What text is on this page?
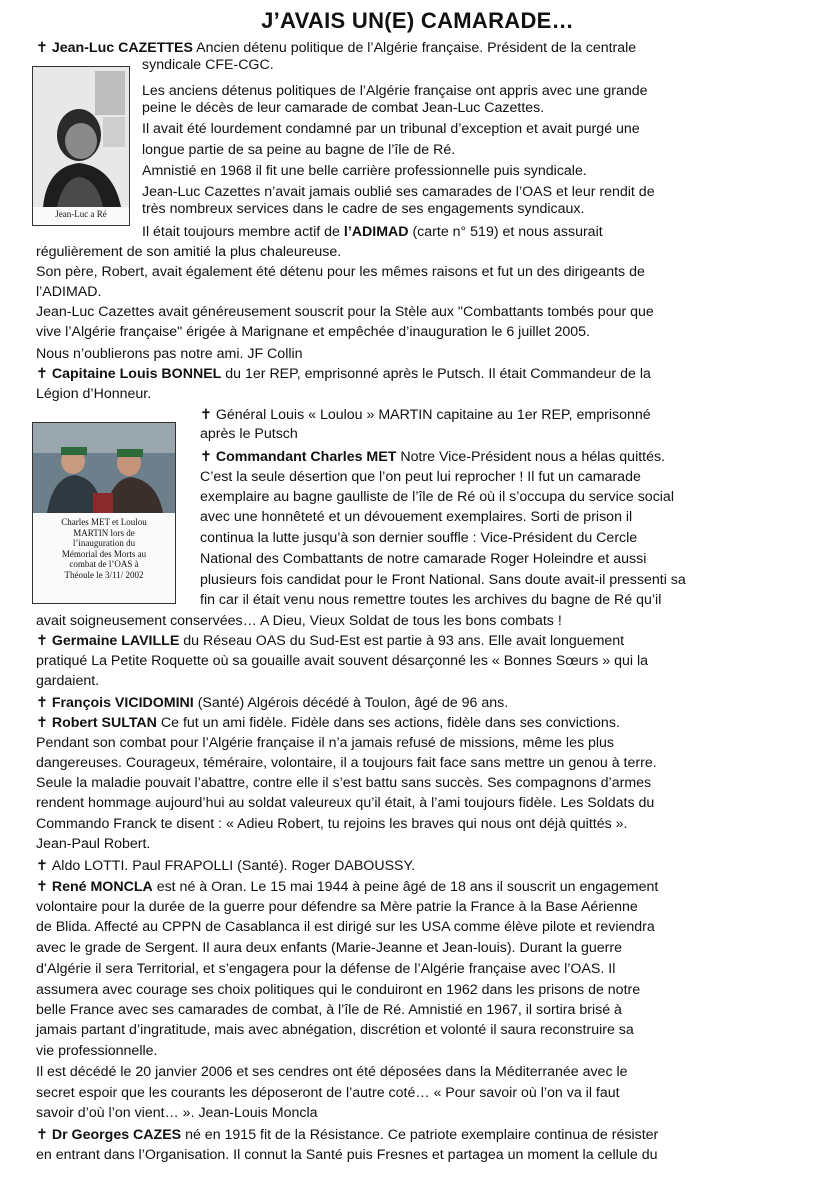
J’AVAIS UN(E) CAMARADE…
Jean-Luc a Ré
Charles MET et Loulou
MARTIN lors de
l’inauguration du
Mémorial des Morts au
combat de l’OAS à
Théoule le 3/11/ 2002
✝ Jean-Luc CAZETTES Ancien détenu politique de l’Algérie française. Président de la centrale
syndicale CFE-CGC.
Les anciens détenus politiques de l’Algérie française ont appris avec une grande
peine le décès de leur camarade de combat Jean-Luc Cazettes.
Il avait été lourdement condamné par un tribunal d’exception et avait purgé une
longue partie de sa peine au bagne de l’île de Ré.
Amnistié en 1968 il fit une belle carrière professionnelle puis syndicale.
Jean-Luc Cazettes n’avait jamais oublié ses camarades de l’OAS et leur rendit de
très nombreux services dans le cadre de ses engagements syndicaux.
Il était toujours membre actif de l’ADIMAD (carte n° 519) et nous assurait
régulièrement de son amitié la plus chaleureuse.
Son père, Robert, avait également été détenu pour les mêmes raisons et fut un des dirigeants de
l’ADIMAD.
Jean-Luc Cazettes avait généreusement souscrit pour la Stèle aux "Combattants tombés pour que
vive l’Algérie française" érigée à Marignane et empêchée d’inauguration le 6 juillet 2005.
Nous n’oublierons pas notre ami. JF Collin
✝ Capitaine Louis BONNEL du 1er REP, emprisonné après le Putsch. Il était Commandeur de la
Légion d’Honneur.
✝ Général Louis « Loulou » MARTIN capitaine au 1er REP, emprisonné
après le Putsch
✝ Commandant Charles MET Notre Vice-Président nous a hélas quittés.
C’est la seule désertion que l’on peut lui reprocher ! Il fut un camarade
exemplaire au bagne gaulliste de l’île de Ré où il s’occupa du service social
avec une honnêteté et un dévouement exemplaires. Sorti de prison il
continua la lutte jusqu’à son dernier souffle : Vice-Président du Cercle
National des Combattants de notre camarade Roger Holeindre et aussi
plusieurs fois candidat pour le Front National. Sans doute avait-il pressenti sa
fin car il était venu nous remettre toutes les archives du bagne de Ré qu’il
avait soigneusement conservées… A Dieu, Vieux Soldat de tous les bons combats !
✝ Germaine LAVILLE du Réseau OAS du Sud-Est est partie à 93 ans. Elle avait longuement
pratiqué La Petite Roquette où sa gouaille avait souvent désarçonné les « Bonnes Sœurs » qui la
gardaient.
✝ François VICIDOMINI (Santé) Algérois décédé à Toulon, âgé de 96 ans.
✝ Robert SULTAN Ce fut un ami fidèle. Fidèle dans ses actions, fidèle dans ses convictions.
Pendant son combat pour l’Algérie française il n’a jamais refusé de missions, même les plus
dangereuses. Courageux, téméraire, volontaire, il a toujours fait face sans mettre un genou à terre.
Seule la maladie pouvait l’abattre, contre elle il s’est battu sans succès. Ses compagnons d’armes
rendent hommage aujourd’hui au soldat valeureux qu’il était, à l’ami toujours fidèle. Les Soldats du
Commando Franck te disent : « Adieu Robert, tu rejoins les braves qui nous ont déjà quittés ».
Jean-Paul Robert.
✝ Aldo LOTTI. Paul FRAPOLLI (Santé). Roger DABOUSSY.
✝ René MONCLA est né à Oran. Le 15 mai 1944 à peine âgé de 18 ans il souscrit un engagement
volontaire pour la durée de la guerre pour défendre sa Mère patrie la France à la Base Aérienne
de Blida. Affecté au CPPN de Casablanca il est dirigé sur les USA comme élève pilote et reviendra
avec le grade de Sergent. Il aura deux enfants (Marie-Jeanne et Jean-louis). Durant la guerre
d’Algérie il sera Territorial, et s’engagera pour la défense de l’Algérie française avec l’OAS. Il
assumera avec courage ses choix politiques qui le conduiront en 1962 dans les prisons de notre
belle France avec ses camarades de combat, à l’île de Ré. Amnistié en 1967, il sortira brisé à
jamais partant d’ingratitude, mais avec abnégation, discrétion et volonté il saura reconstruire sa
vie professionnelle.
Il est décédé le 20 janvier 2006 et ses cendres ont été déposées dans la Méditerranée avec le
secret espoir que les courants les déposeront de l’autre coté… « Pour savoir où l’on va il faut
savoir d’où l’on vient… ». Jean-Louis Moncla
✝ Dr Georges CAZES né en 1915 fit de la Résistance. Ce patriote exemplaire continua de résister
en entrant dans l’Organisation. Il connut la Santé puis Fresnes et partagea un moment la cellule du
